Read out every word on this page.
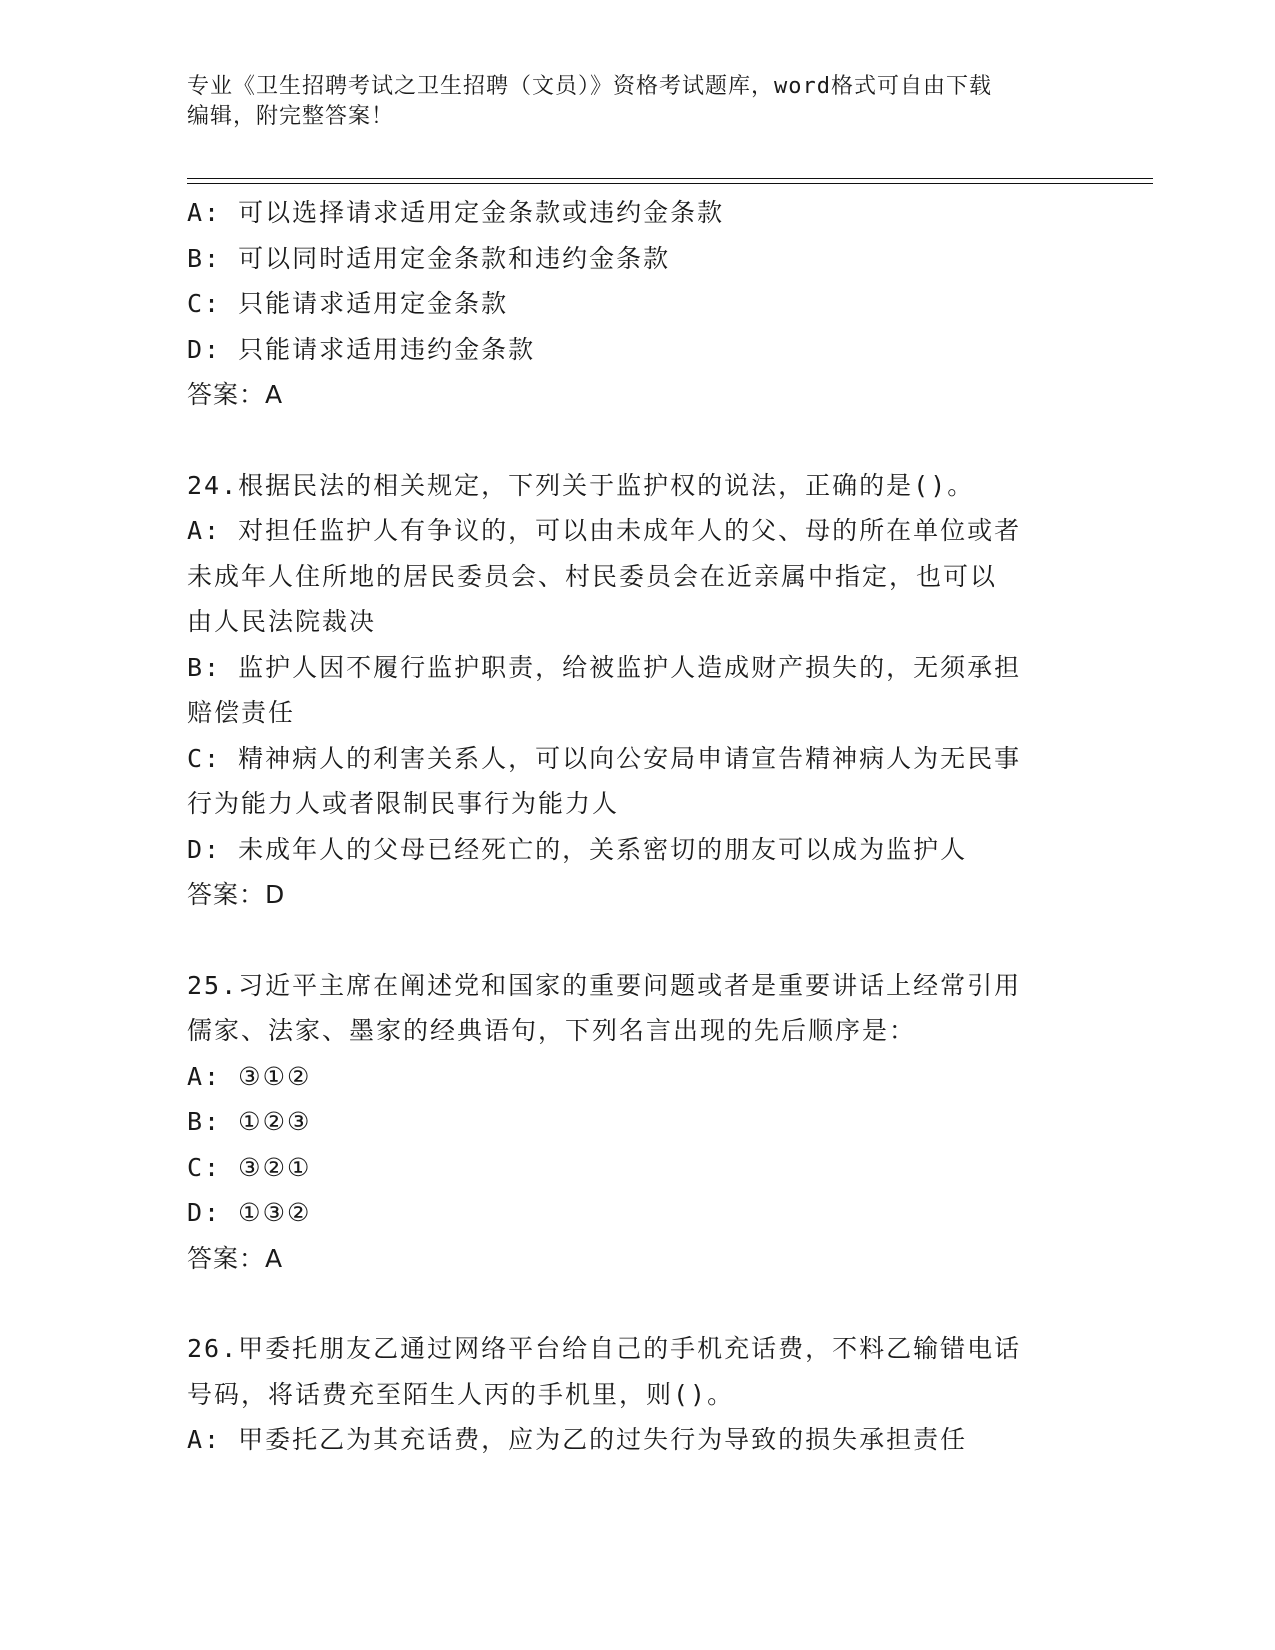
专业《卫生招聘考试之卫生招聘（文员）》资格考试题库，word格式可自由下载
编辑，附完整答案！
A: 可以选择请求适用定金条款或违约金条款
B: 可以同时适用定金条款和违约金条款
C: 只能请求适用定金条款
D: 只能请求适用违约金条款
答案：A
24.根据民法的相关规定，下列关于监护权的说法，正确的是()。
A: 对担任监护人有争议的，可以由未成年人的父、母的所在单位或者
未成年人住所地的居民委员会、村民委员会在近亲属中指定，也可以
由人民法院裁决
B: 监护人因不履行监护职责，给被监护人造成财产损失的，无须承担
赔偿责任
C: 精神病人的利害关系人，可以向公安局申请宣告精神病人为无民事
行为能力人或者限制民事行为能力人
D: 未成年人的父母已经死亡的，关系密切的朋友可以成为监护人
答案：D
25.习近平主席在阐述党和国家的重要问题或者是重要讲话上经常引用
儒家、法家、墨家的经典语句，下列名言出现的先后顺序是：
A: ③①②
B: ①②③
C: ③②①
D: ①③②
答案：A
26.甲委托朋友乙通过网络平台给自己的手机充话费，不料乙输错电话
号码，将话费充至陌生人丙的手机里，则()。
A: 甲委托乙为其充话费，应为乙的过失行为导致的损失承担责任
